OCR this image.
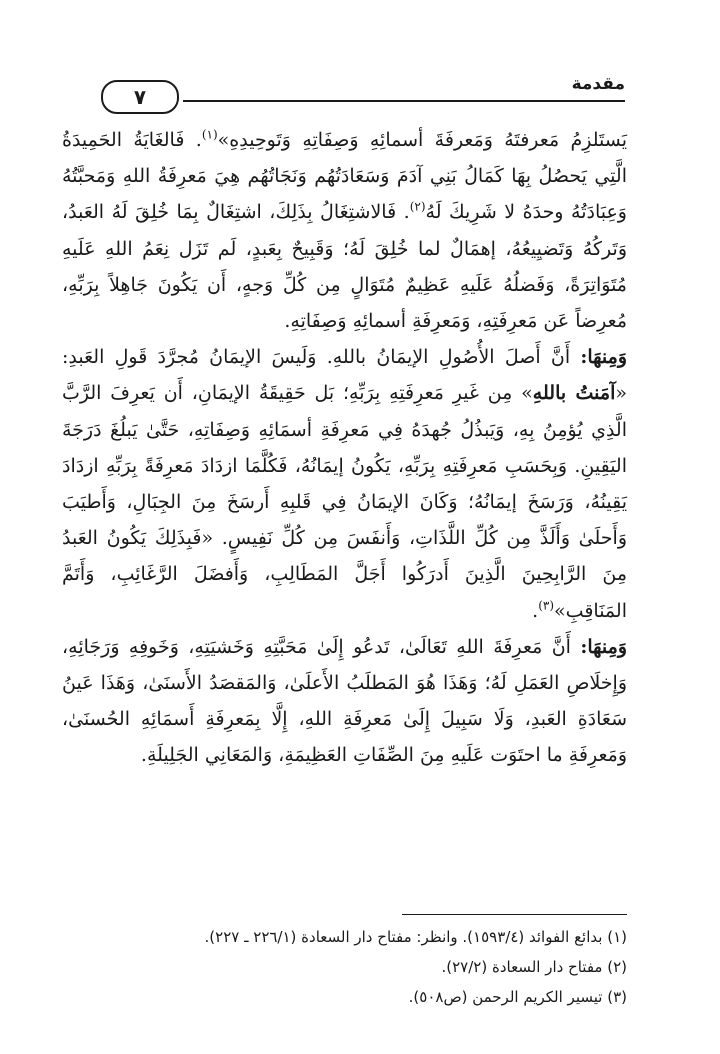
مقدمة
٧

يَستَلزِمُ مَعرفتَهُ وَمَعرفَةَ أسمائِهِ وَصِفَاتِهِ وَتَوحِيدِهِ»$^{(١)}$. فَالغَايَةُ الحَمِيدَةُ الَّتِي يَحصُلُ بِهَا كَمَالُ بَنِي آدَمَ وَسَعَادَتُهُم وَنَجَاتُهُم هِيَ مَعرِفَةُ اللهِ وَمَحبَّتُهُ وَعِبَادَتُهُ وحدَهُ لا شَرِيكَ لَهُ$^{(٢)}$. فَالاشتِغَالُ بِذَلِكَ، اشتِغَالٌ بِمَا خُلِقَ لَهُ العَبدُ، وَتَركُهُ وَتَضيِيعُهُ، إهمَالٌ لما خُلِقَ لَهُ؛ وَقَبِيحٌ بِعَبدٍ، لَم تَزَل نِعَمُ اللهِ عَلَيهِ مُتَوَاتِرَةً، وَفَضلُهُ عَلَيهِ عَظِيمٌ مُتَوَالٍ مِن كُلِّ وَجهٍ، أَن يَكُونَ جَاهِلاً بِرَبِّهِ، مُعرِضاً عَن مَعرِفَتِهِ، وَمَعرِفَةِ أسمائِهِ وَصِفَاتِهِ.

وَمِنهَا: أَنَّ أَصلَ الأُصُولِ الإيمَانُ باللهِ. وَلَيسَ الإيمَانُ مُجرَّدَ قَولِ العَبدِ: «آمَنتُ باللهِ» مِن غَيرِ مَعرِفَتِهِ بِرَبِّهِ؛ بَل حَقِيقَةُ الإيمَانِ، أَن يَعرِفَ الرَّبَّ الَّذِي يُؤمِنُ بِهِ، وَيَبذُلُ جُهدَهُ فِي مَعرِفَةِ أسمَائِهِ وَصِفَاتِهِ، حَتَّىٰ يَبلُغَ دَرَجَةَ اليَقِينِ. وَبِحَسَبِ مَعرِفَتِهِ بِرَبِّهِ، يَكُونُ إيمَانُهُ، فَكُلَّمَا ازدَادَ مَعرِفَةً بِرَبِّهِ ازدَادَ يَقِينُهُ، وَرَسَخَ إيمَانُهُ؛ وَكَانَ الإيمَانُ فِي قَلبِهِ أَرسَخَ مِنَ الجِبَالِ، وَأَطيَبَ وَأَحلَىٰ وَأَلَذَّ مِن كُلِّ اللَّذَاتِ، وَأَنفَسَ مِن كُلِّ نَفِيسٍ. «فَبِذَلِكَ يَكُونُ العَبدُ مِنَ الرَّابِحِينَ الَّذِينَ أَدرَكُوا أَجَلَّ المَطَالِبِ، وَأَفضَلَ الرَّغَائِبِ، وَأَتَمَّ المَنَاقِبِ»$^{(٣)}$.

وَمِنهَا: أَنَّ مَعرِفَةَ اللهِ تَعَالَىٰ، تَدعُو إِلَىٰ مَحَبَّتِهِ وَخَشيَتِهِ، وَخَوفِهِ وَرَجَائِهِ، وَإِخلَاصِ العَمَلِ لَهُ؛ وَهَذَا هُوَ المَطلَبُ الأَعلَىٰ، وَالمَقصَدُ الأَسنَىٰ، وَهَذَا عَينُ سَعَادَةِ العَبدِ، وَلَا سَبِيلَ إِلَىٰ مَعرِفَةِ اللهِ، إِلَّا بِمَعرِفَةِ أَسمَائِهِ الحُسنَىٰ، وَمَعرِفَةِ ما احتَوَت عَلَيهِ مِنَ الصِّفَاتِ العَظِيمَةِ، وَالمَعَانِي الجَلِيلَةِ.

(١) بدائع الفوائد (١٥٩٣/٤). وانظر: مفتاح دار السعادة (٢٢٦/١ ـ ٢٢٧).

(٢) مفتاح دار السعادة (٢٧/٢).

(٣) تيسير الكريم الرحمن (ص٥٠٨).
